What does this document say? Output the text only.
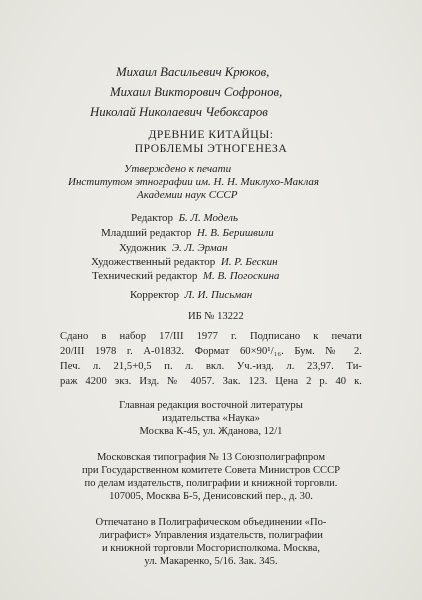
Михаил Васильевич Крюков,
Михаил Викторович Софронов,
Николай Николаевич Чебоксаров
ДРЕВНИЕ КИТАЙЦЫ:
ПРОБЛЕМЫ ЭТНОГЕНЕЗА
Утверждено к печати
Институтом этнографии им. Н. Н. Миклухо-Маклая
Академии наук СССР
Редактор Б. Л. Модель
Младший редактор Н. В. Беришвили
Художник Э. Л. Эрман
Художественный редактор И. Р. Бескин
Технический редактор М. В. Погоскина
Корректор Л. И. Письман
ИБ № 13222
Сдано в набор 17/III 1977 г. Подписано к печати
20/III 1978 г. А-01832. Формат 60×90¹/₁₆. Бум. № 2.
Печ. л. 21,5+0,5 п. л. вкл. Уч.-изд. л. 23,97. Ти-
раж 4200 экз. Изд. № 4057. Зак. 123. Цена 2 р. 40 к.
Главная редакция восточной литературы
издательства «Наука»
Москва К-45, ул. Жданова, 12/1
Московская типография № 13 Союзполиграфпром
при Государственном комитете Совета Министров СССР
по делам издательств, полиграфии и книжной торговли.
107005, Москва Б-5, Денисовский пер., д. 30.
Отпечатано в Полиграфическом объединении «По-
лиграфист» Управления издательств, полиграфии
и книжной торговли Мосгорисполкома. Москва,
ул. Макаренко, 5/16. Зак. 345.
